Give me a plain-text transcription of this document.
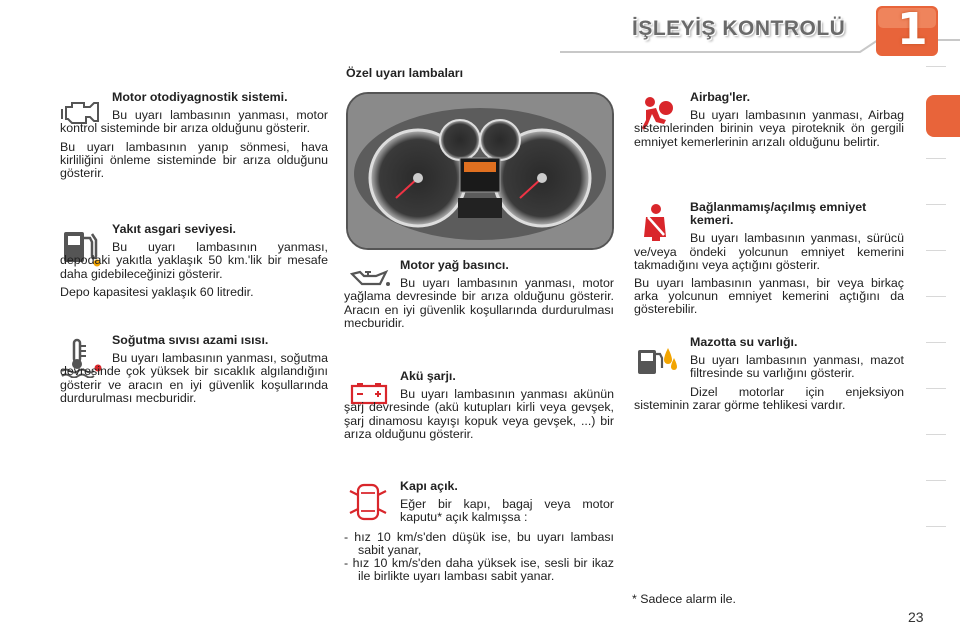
İŞLEYİŞ KONTROLÜ 1
Özel uyarı lambaları
Motor otodiyagnostik sistemi.
Bu uyarı lambasının yanması, motor kontrol sisteminde bir arıza olduğunu gösterir.
Bu uyarı lambasının yanıp sönmesi, hava kirliliğini önleme sisteminde bir arıza olduğunu gösterir.
Yakıt asgari seviyesi.
Bu uyarı lambasının yanması, depodaki yakıtla yaklaşık 50 km.'lik bir mesafe daha gidebileceğinizi gösterir.
Depo kapasitesi yaklaşık 60 litredir.
Soğutma sıvısı azami ısısı.
Bu uyarı lambasının yanması, soğutma devresinde çok yüksek bir sıcaklık algılandığını gösterir ve aracın en iyi güvenlik koşullarında durdurulması mecburidir.
Motor yağ basıncı.
Bu uyarı lambasının yanması, motor yağlama devresinde bir arıza olduğunu gösterir. Aracın en iyi güvenlik koşullarında durdurulması mecburidir.
Akü şarjı.
Bu uyarı lambasının yanması akünün şarj devresinde (akü kutupları kirli veya gevşek, şarj dinamosu kayışı kopuk veya gevşek, ...) bir arıza olduğunu gösterir.
Kapı açık.
Eğer bir kapı, bagaj veya motor kaputu* açık kalmışsa :
- hız 10 km/s'den düşük ise, bu uyarı lambası sabit yanar,
- hız 10 km/s'den daha yüksek ise, sesli bir ikaz ile birlikte uyarı lambası sabit yanar.
Airbag'ler.
Bu uyarı lambasının yanması, Airbag sistemlerinden birinin veya piroteknik ön gergili emniyet kemerlerinin arızalı olduğunu belirtir.
Bağlanmamış/açılmış emniyet kemeri.
Bu uyarı lambasının yanması, sürücü ve/veya öndeki yolcunun emniyet kemerini takmadığını veya açtığını gösterir.
Bu uyarı lambasının yanması, bir veya birkaç arka yolcunun emniyet kemerini açtığını da gösterebilir.
Mazotta su varlığı.
Bu uyarı lambasının yanması, mazot filtresinde su varlığını gösterir.
Dizel motorlar için enjeksiyon sisteminin zarar görme tehlikesi vardır.
* Sadece alarm ile.
23
